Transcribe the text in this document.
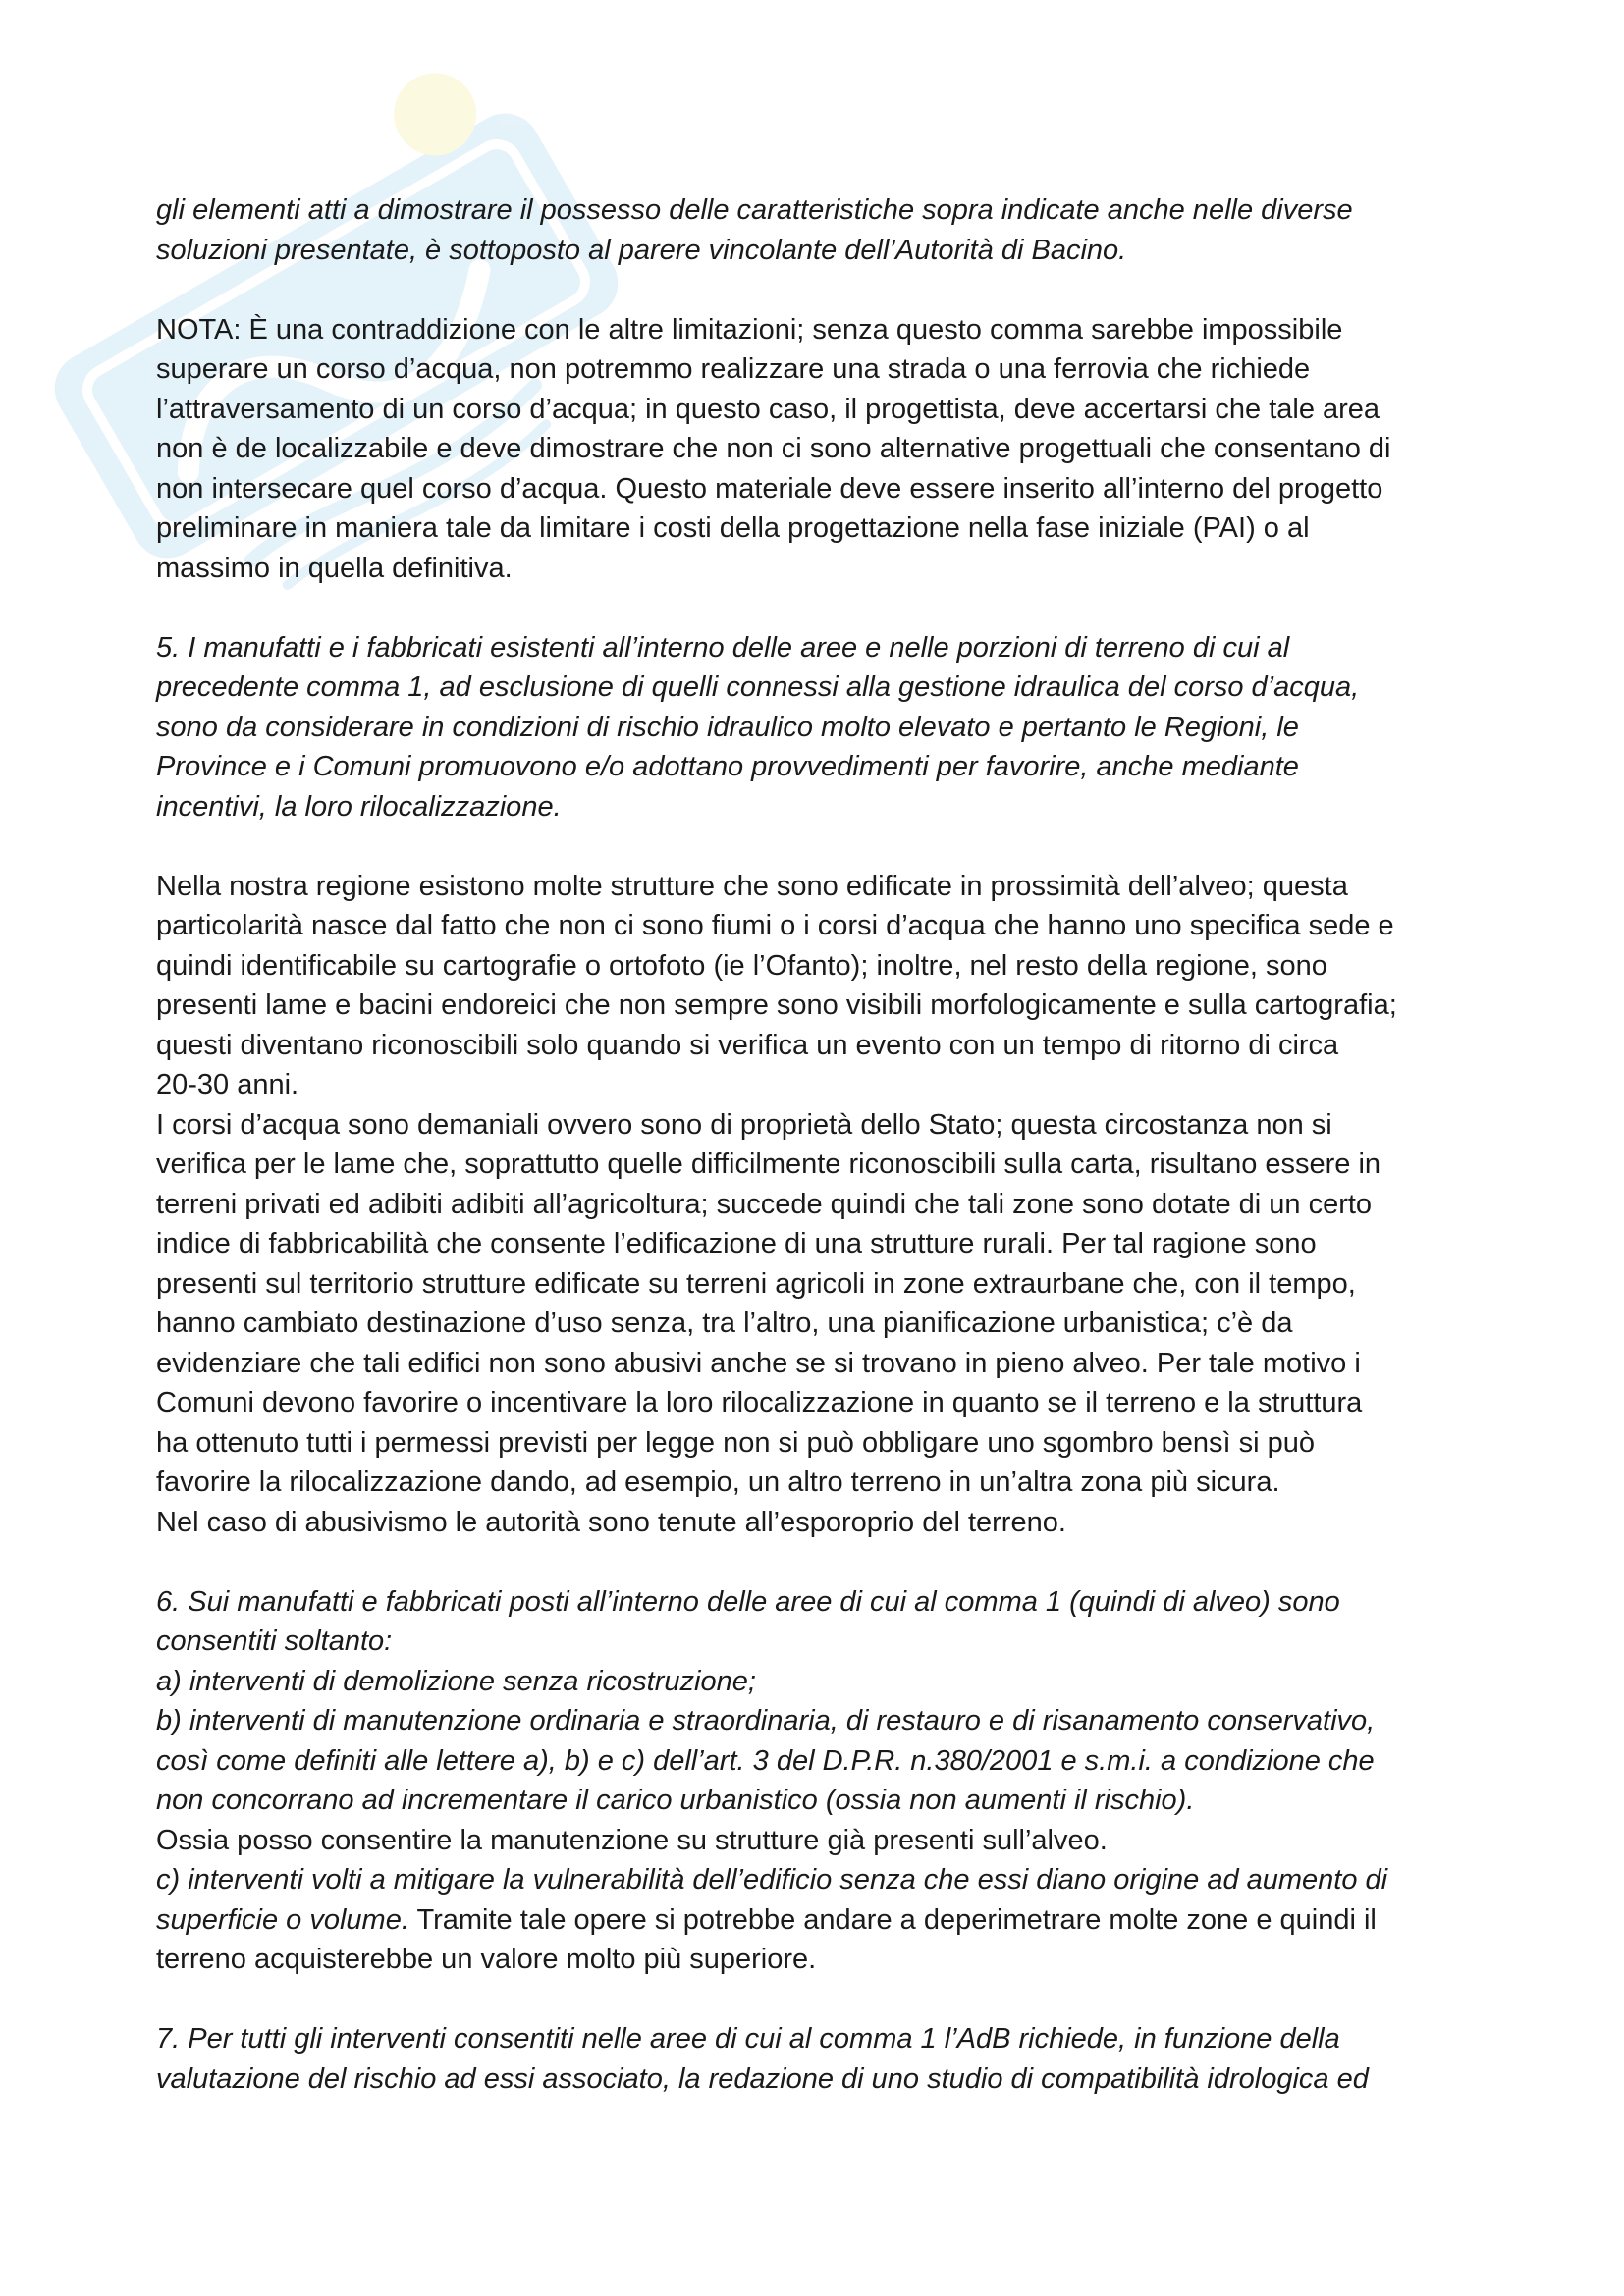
gli elementi atti a dimostrare il possesso delle caratteristiche sopra indicate anche nelle diverse
soluzioni presentate, è sottoposto al parere vincolante dell’Autorità di Bacino.

NOTA: È una contraddizione con le altre limitazioni; senza questo comma sarebbe impossibile
superare un corso d’acqua, non potremmo realizzare una strada o una ferrovia che richiede
l’attraversamento di un corso d’acqua; in questo caso, il progettista, deve accertarsi che tale area
non è de localizzabile e deve dimostrare che non ci sono alternative progettuali che consentano di
non intersecare quel corso d’acqua. Questo materiale deve essere inserito all’interno del progetto
preliminare in maniera tale da limitare i costi della progettazione nella fase iniziale (PAI) o al
massimo in quella definitiva.

5. I manufatti e i fabbricati esistenti all’interno delle aree e nelle porzioni di terreno di cui al
precedente comma 1, ad esclusione di quelli connessi alla gestione idraulica del corso d’acqua,
sono da considerare in condizioni di rischio idraulico molto elevato e pertanto le Regioni, le
Province e i Comuni promuovono e/o adottano provvedimenti per favorire, anche mediante
incentivi, la loro rilocalizzazione.

Nella nostra regione esistono molte strutture che sono edificate in prossimità dell’alveo; questa
particolarità nasce dal fatto che non ci sono fiumi o i corsi d’acqua che hanno uno specifica sede e
quindi identificabile su cartografie o ortofoto (ie l’Ofanto); inoltre, nel resto della regione, sono
presenti lame e bacini endoreici che non sempre sono visibili morfologicamente e sulla cartografia;
questi diventano riconoscibili solo quando si verifica un evento con un tempo di ritorno di circa
20-30 anni.
I corsi d’acqua sono demaniali ovvero sono di proprietà dello Stato; questa circostanza non si
verifica per le lame che, soprattutto quelle difficilmente riconoscibili sulla carta, risultano essere in
terreni privati ed adibiti adibiti all’agricoltura; succede quindi che tali zone sono dotate di un certo
indice di fabbricabilità che consente l’edificazione di una strutture rurali. Per tal ragione sono
presenti sul territorio strutture edificate su terreni agricoli in zone extraurbane che, con il tempo,
hanno cambiato destinazione d’uso senza, tra l’altro, una pianificazione urbanistica; c’è da
evidenziare che tali edifici non sono abusivi anche se si trovano in pieno alveo. Per tale motivo i
Comuni devono favorire o incentivare la loro rilocalizzazione in quanto se il terreno e la struttura
ha ottenuto tutti i permessi previsti per legge non si può obbligare uno sgombro bensì si può
favorire la rilocalizzazione dando, ad esempio, un altro terreno in un’altra zona più sicura.
Nel caso di abusivismo le autorità sono tenute all’esporoprio del terreno.

6. Sui manufatti e fabbricati posti all’interno delle aree di cui al comma 1 (quindi di alveo) sono
consentiti soltanto:
a) interventi di demolizione senza ricostruzione;
b) interventi di manutenzione ordinaria e straordinaria, di restauro e di risanamento conservativo,
così come definiti alle lettere a), b) e c) dell’art. 3 del D.P.R. n.380/2001 e s.m.i. a condizione che
non concorrano ad incrementare il carico urbanistico (ossia non aumenti il rischio).
Ossia posso consentire la manutenzione su strutture già presenti sull’alveo.
c) interventi volti a mitigare la vulnerabilità dell’edificio senza che essi diano origine ad aumento di
superficie o volume. Tramite tale opere si potrebbe andare a deperimetrare molte zone e quindi il
terreno acquisterebbe un valore molto più superiore.

7. Per tutti gli interventi consentiti nelle aree di cui al comma 1 l’AdB richiede, in funzione della
valutazione del rischio ad essi associato, la redazione di uno studio di compatibilità idrologica ed
